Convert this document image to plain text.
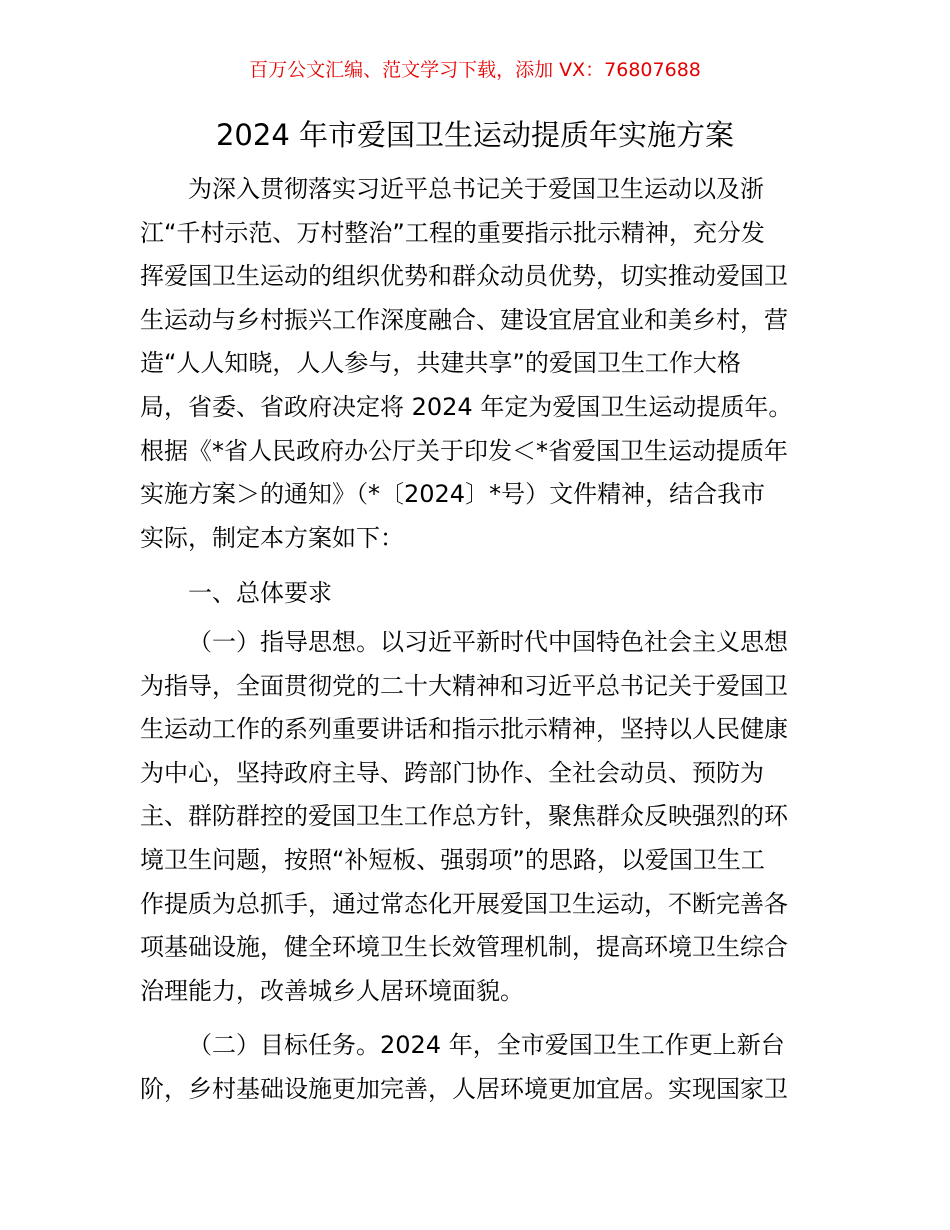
百万公文汇编、范文学习下载，添加 VX：76807688
2024 年市爱国卫生运动提质年实施方案
为深入贯彻落实习近平总书记关于爱国卫生运动以及浙
江“千村示范、万村整治”工程的重要指示批示精神，充分发
挥爱国卫生运动的组织优势和群众动员优势，切实推动爱国卫
生运动与乡村振兴工作深度融合、建设宜居宜业和美乡村，营
造“人人知晓，人人参与，共建共享”的爱国卫生工作大格
局，省委、省政府决定将 2024 年定为爱国卫生运动提质年。
根据《*省人民政府办公厅关于印发＜*省爱国卫生运动提质年
实施方案＞的通知》（*〔2024〕*号）文件精神，结合我市
实际，制定本方案如下：
一、总体要求
（一）指导思想。以习近平新时代中国特色社会主义思想
为指导，全面贯彻党的二十大精神和习近平总书记关于爱国卫
生运动工作的系列重要讲话和指示批示精神，坚持以人民健康
为中心，坚持政府主导、跨部门协作、全社会动员、预防为
主、群防群控的爱国卫生工作总方针，聚焦群众反映强烈的环
境卫生问题，按照“补短板、强弱项”的思路，以爱国卫生工
作提质为总抓手，通过常态化开展爱国卫生运动，不断完善各
项基础设施，健全环境卫生长效管理机制，提高环境卫生综合
治理能力，改善城乡人居环境面貌。
（二）目标任务。2024 年，全市爱国卫生工作更上新台
阶，乡村基础设施更加完善，人居环境更加宜居。实现国家卫
